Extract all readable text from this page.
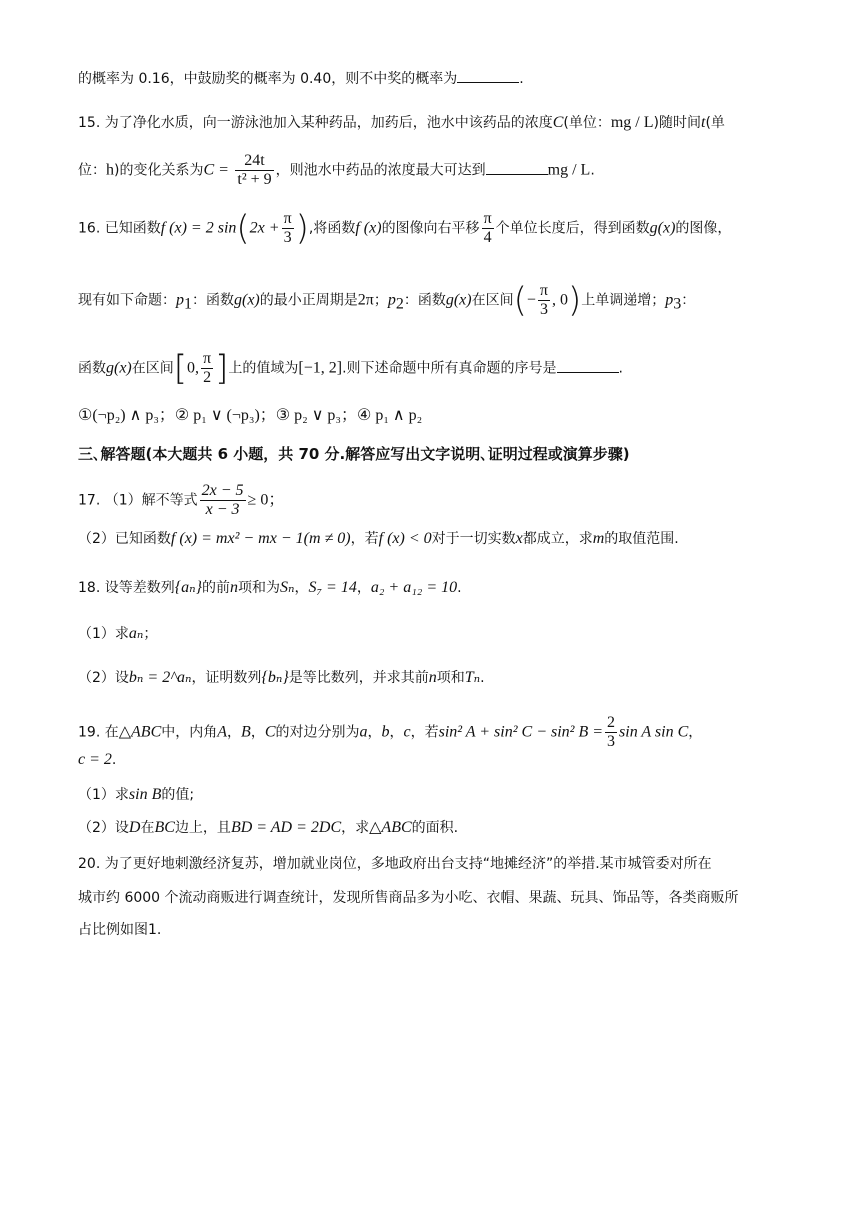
的概率为 0.16，中鼓励奖的概率为 0.40，则不中奖的概率为	.
15. 为了净化水质，向一游泳池加入某种药品，加药后，池水中该药品的浓度C(单位：mg / L)随时间t(单
位：h)的变化关系为$C = \frac{24t}{\text{t² + 9}}$ ，则池水中药品的浓度最大可达到	mg / L.
16. 已知函数f (x) = 2 $\sin(2x + \frac{\pi}{3}$ ),将函数f (x)的图像向右平移 $\frac{\pi}{4}$ 个单位长度后，得到函数g(x)的图像，
现有如下命题：$p_1$：函数g(x)的最小正周期是2π；$p_2$：函数g(x)在区间(− $\frac{\pi}{3}$ , 0)上单调递增；$p_3$：
函数g(x)在区间[0, $\frac{\pi}{2}$ ]上的值域为[−1, 2].则下述命题中所有真命题的序号是	.
①(¬p₂) ∧ p₃；② p₁ ∨ (¬p₃)；③ p₂ ∨ p₃；④ p₁ ∧ p₂
三､解答题(本大题共 6 小题，共 70 分.解答应写出文字说明､证明过程或演算步骤)
17. （1）解不等式 $\frac{2x - 5}{x - 3} \ge 0$；
（2）已知函数f (x) = mx² − mx − 1(m ≠ 0)，若f (x) < 0对于一切实数x都成立，求m的取值范围.
18. 设等差数列{aₙ}的前n项和为Sₙ，S₇ = 14，a₂ + a₁₂ = 10.
（1）求aₙ；
（2）设bₙ = 2^aₙ，证明数列{bₙ}是等比数列，并求其前n项和Tₙ.
19. 在△ABC中，内角A，B，C的对边分别为a，b，c，若sin² A + sin² C − sin² $B = \frac{2}{3}$ sin A sin C，
c = 2.
（1）求sin B的值;
（2）设D在BC边上，且BD = AD = 2DC，求△ABC的面积.
20. 为了更好地刺激经济复苏，增加就业岗位，多地政府出台支持“地摊经济”的举措.某市城管委对所在
城市约 6000 个流动商贩进行调查统计，发现所售商品多为小吃、衣帽、果蔬、玩具、饰品等，各类商贩所
占比例如图1.
